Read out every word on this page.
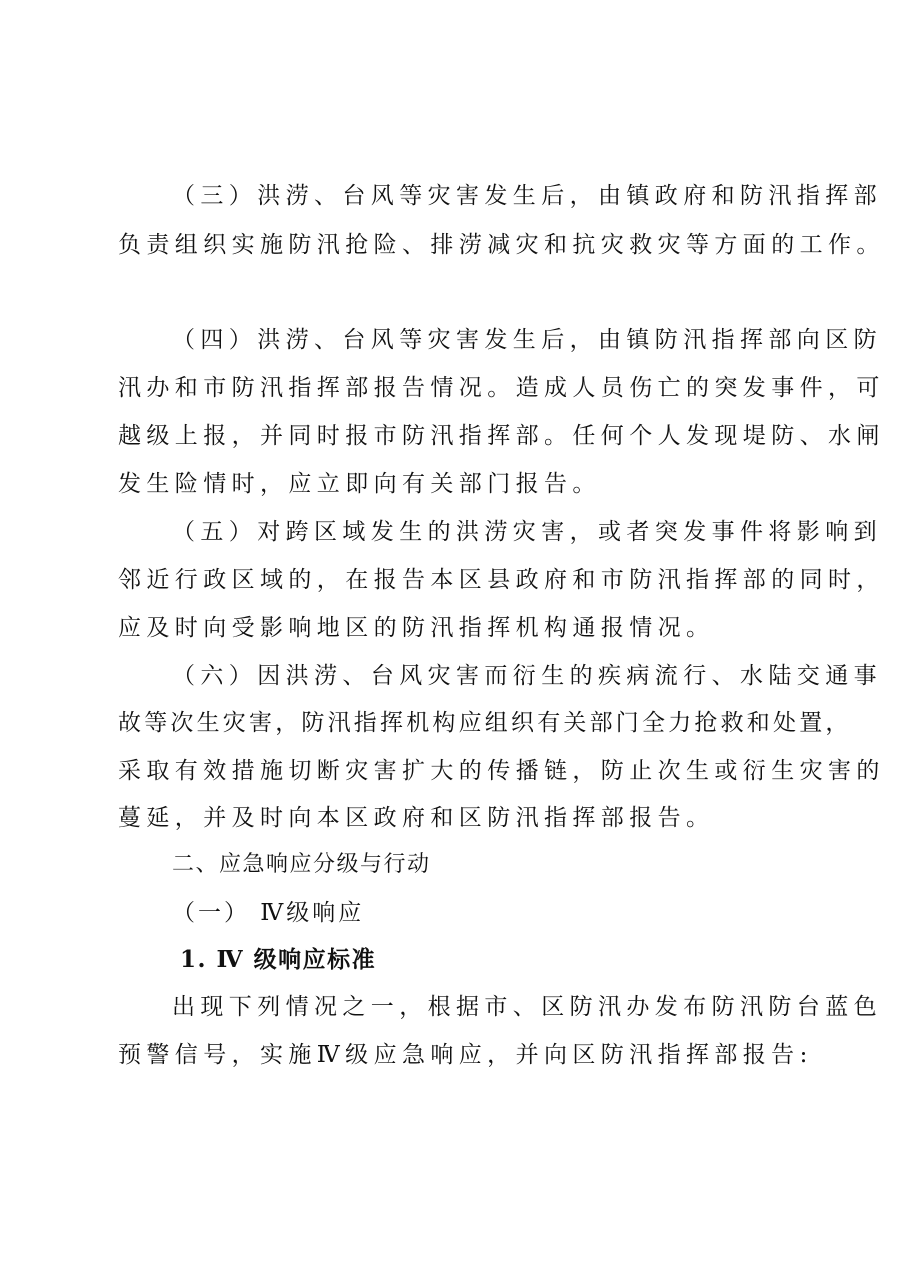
（三）洪涝、台风等灾害发生后，由镇政府和防汛指挥部
负责组织实施防汛抢险、排涝减灾和抗灾救灾等方面的工作。
（四）洪涝、台风等灾害发生后，由镇防汛指挥部向区防
汛办和市防汛指挥部报告情况。造成人员伤亡的突发事件，可
越级上报，并同时报市防汛指挥部。任何个人发现堤防、水闸
发生险情时，应立即向有关部门报告。
（五）对跨区域发生的洪涝灾害，或者突发事件将影响到
邻近行政区域的，在报告本区县政府和市防汛指挥部的同时，
应及时向受影响地区的防汛指挥机构通报情况。
（六）因洪涝、台风灾害而衍生的疾病流行、水陆交通事
故等次生灾害，防汛指挥机构应组织有关部门全力抢救和处置，
采取有效措施切断灾害扩大的传播链，防止次生或衍生灾害的
蔓延，并及时向本区政府和区防汛指挥部报告。
二、应急响应分级与行动
（一） Ⅳ级响应
1. Ⅳ 级响应标准
出现下列情况之一，根据市、区防汛办发布防汛防台蓝色
预警信号，实施Ⅳ级应急响应，并向区防汛指挥部报告:
